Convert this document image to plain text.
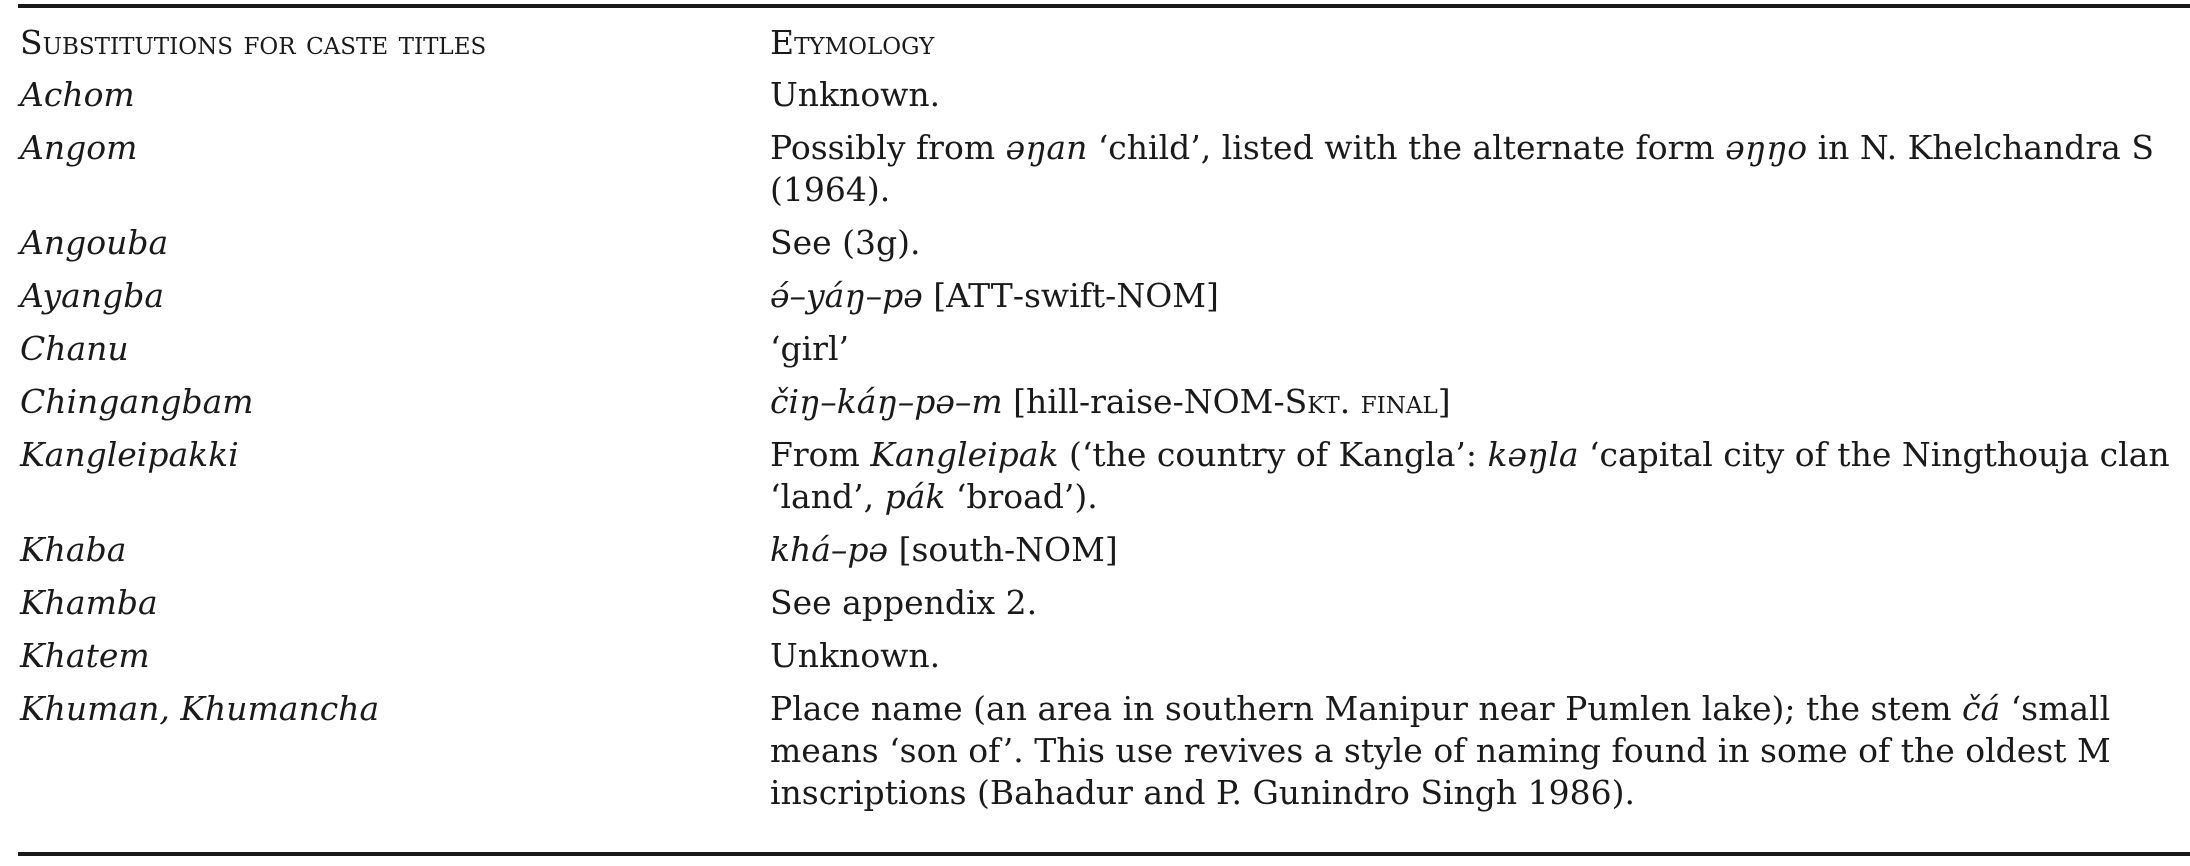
Substitutions for caste titles	Etymology
Achom	Unknown.
Angom	Possibly from əŋan ‘child’, listed with the alternate form əŋŋo in N. Khelchandra S
(1964).

Angouba	See (3g).
Ayangba	ə́–yáŋ–pə [ATT-swift-NOM]
Chanu	‘girl’
Chingangbam	čiŋ–káŋ–pə–m [hill-raise-NOM-Skt. final]
Kangleipakki	From Kangleipak (‘the country of Kangla’: kəŋla ‘capital city of the Ningthouja clan
‘land’, pák ‘broad’).

Khaba	khá–pə [south-NOM]
Khamba	See appendix 2.
Khatem	Unknown.
Khuman, Khumancha	Place name (an area in southern Manipur near Pumlen lake); the stem čá ‘small
means ‘son of’. This use revives a style of naming found in some of the oldest M
inscriptions (Bahadur and P. Gunindro Singh 1986).
